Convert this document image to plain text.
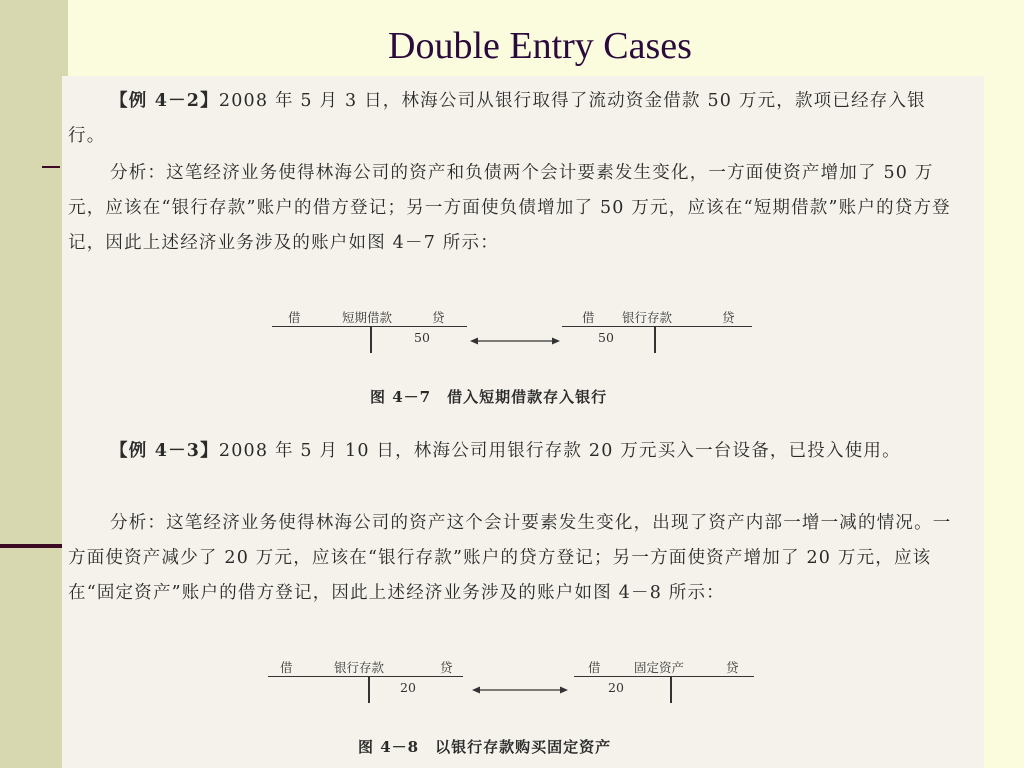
Double Entry Cases

【例 4－2】2008 年 5 月 3 日，林海公司从银行取得了流动资金借款 50 万元，款项已经存入银行。

分析：这笔经济业务使得林海公司的资产和负债两个会计要素发生变化，一方面使资产增加了 50 万元，应该在“银行存款”账户的借方登记；另一方面使负债增加了 50 万元，应该在“短期借款”账户的贷方登记，因此上述经济业务涉及的账户如图 4－7 所示：

借	短期借款	贷
50
借 银行存款	贷
50

图 4－7　借入短期借款存入银行

【例 4－3】2008 年 5 月 10 日，林海公司用银行存款 20 万元买入一台设备，已投入使用。

分析：这笔经济业务使得林海公司的资产这个会计要素发生变化，出现了资产内部一增一减的情况。一方面使资产减少了 20 万元，应该在“银行存款”账户的贷方登记；另一方面使资产增加了 20 万元，应该在“固定资产”账户的借方登记，因此上述经济业务涉及的账户如图 4－8 所示：

借	银行存款	贷
20
借	固定资产	贷
20

图 4－8　以银行存款购买固定资产
